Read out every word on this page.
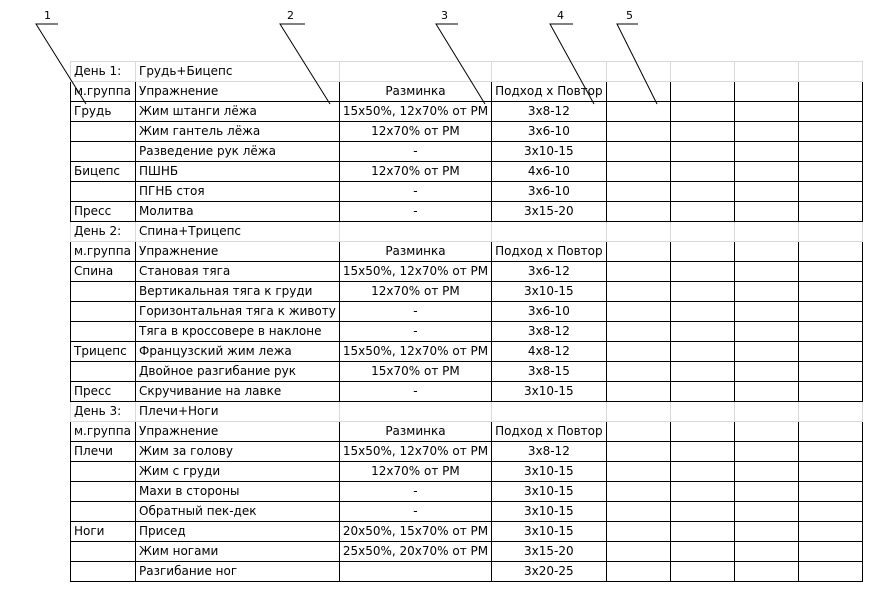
День 1:	Грудь+Бицепс						
м.группа	Упражнение	Разминка	Подход х Повтор				
Грудь	Жим штанги лёжа	15х50%, 12х70% от РМ	3х8-12				
	Жим гантель лёжа	12х70% от РМ	3х6-10				
	Разведение рук лёжа	-	3х10-15				
Бицепс	ПШНБ	12х70% от РМ	4х6-10				
	ПГНБ стоя	-	3х6-10				
Пресс	Молитва	-	3х15-20				
День 2:	Спина+Трицепс						
м.группа	Упражнение	Разминка	Подход х Повтор				
Спина	Становая тяга	15х50%, 12х70% от РМ	3х6-12				
	Вертикальная тяга к груди	12х70% от РМ	3х10-15				
	Горизонтальная тяга к животу	-	3х6-10				
	Тяга в кроссовере в наклоне	-	3х8-12				
Трицепс	Французский жим лежа	15х50%, 12х70% от РМ	4х8-12				
	Двойное разгибание рук	15х70% от РМ	3х8-15				
Пресс	Скручивание на лавке	-	3х10-15				
День 3:	Плечи+Ноги						
м.группа	Упражнение	Разминка	Подход х Повтор				
Плечи	Жим за голову	15х50%, 12х70% от РМ	3х8-12				
	Жим с груди	12х70% от РМ	3х10-15				
	Махи в стороны	-	3х10-15				
	Обратный пек-дек	-	3х10-15				
Ноги	Присед	20х50%, 15х70% от РМ	3х10-15				
	Жим ногами	25х50%, 20х70% от РМ	3х15-20				
	Разгибание ног		3х20-25				
1	2	3	4	5
